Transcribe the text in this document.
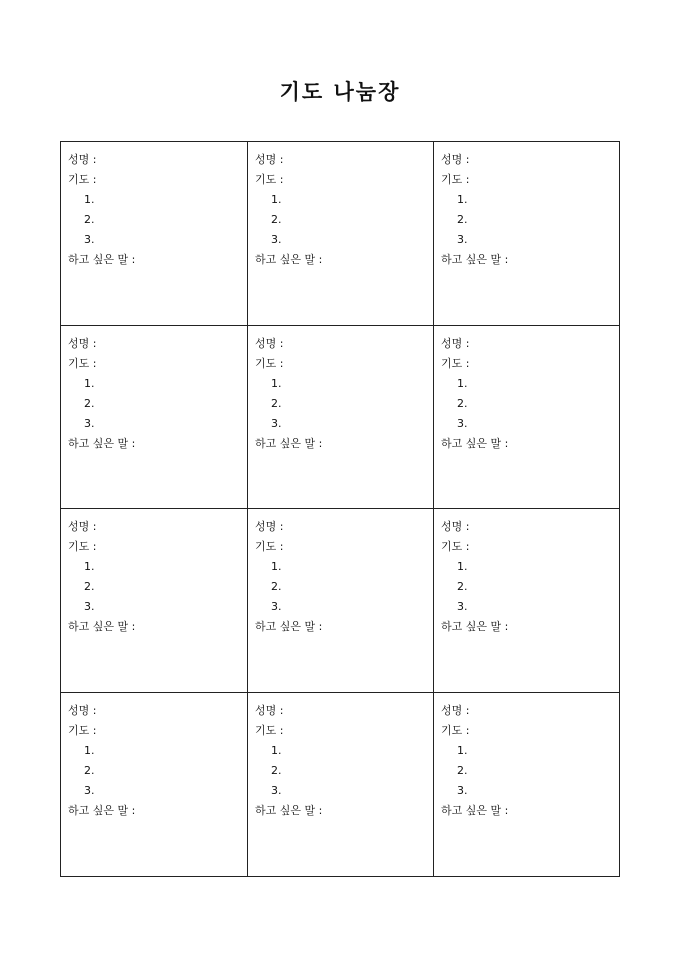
기도 나눔장
성명 :
기도 :
1.
2.
3.
하고 싶은 말 :
성명 :
기도 :
1.
2.
3.
하고 싶은 말 :
성명 :
기도 :
1.
2.
3.
하고 싶은 말 :
성명 :
기도 :
1.
2.
3.
하고 싶은 말 :
성명 :
기도 :
1.
2.
3.
하고 싶은 말 :
성명 :
기도 :
1.
2.
3.
하고 싶은 말 :
성명 :
기도 :
1.
2.
3.
하고 싶은 말 :
성명 :
기도 :
1.
2.
3.
하고 싶은 말 :
성명 :
기도 :
1.
2.
3.
하고 싶은 말 :
성명 :
기도 :
1.
2.
3.
하고 싶은 말 :
성명 :
기도 :
1.
2.
3.
하고 싶은 말 :
성명 :
기도 :
1.
2.
3.
하고 싶은 말 :
